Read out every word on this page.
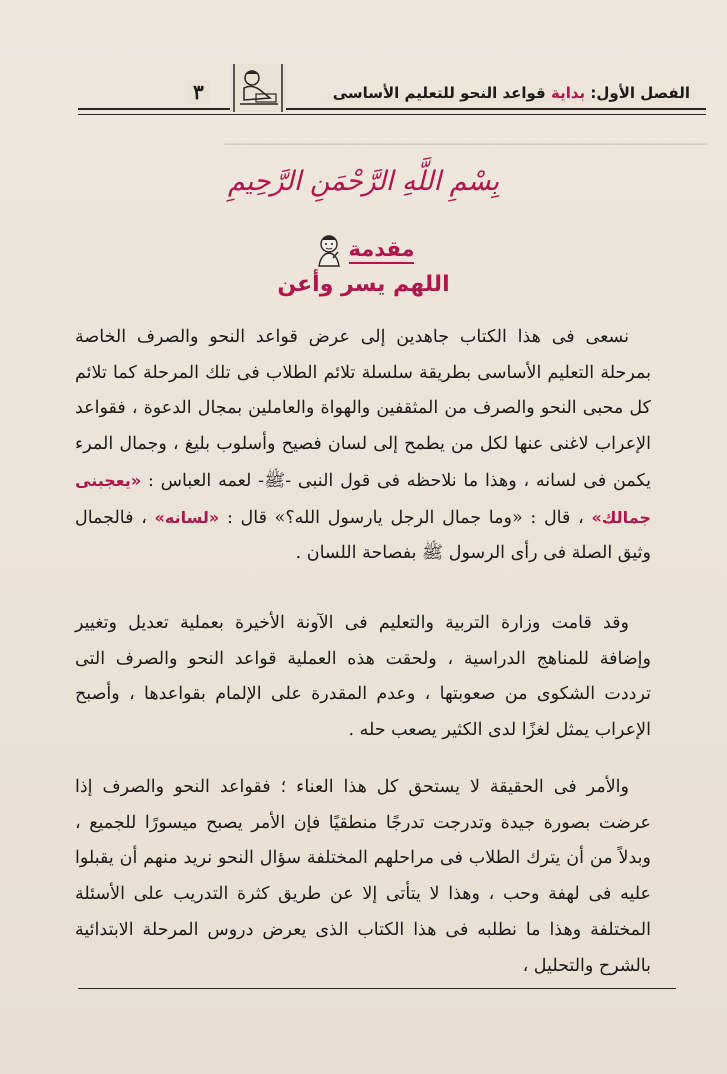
ـــــــــــــــــــــــــــــــــــــــــــــــــــــــــــــــــــــــــــــــــــــــــــــــــ
الفصل الأول: بداية قواعد النحو للتعليم الأساسى
٣
بِسْمِ اللَّهِ الرَّحْمَنِ الرَّحِيمِ
مقدمة
اللهم يسر وأعن
نسعى فى هذا الكتاب جاهدين إلى عرض قواعد النحو والصرف الخاصة بمرحلة التعليم الأساسى بطريقة سلسلة تلائم الطلاب فى تلك المرحلة كما تلائم كل محبى النحو والصرف من المثقفين والهواة والعاملين بمجال الدعوة ، فقواعد الإعراب لاغنى عنها لكل من يطمح إلى لسان فصيح وأسلوب بليغ ، وجمال المرء يكمن فى لسانه ، وهذا ما نلاحظه فى قول النبى -ﷺ- لعمه العباس : «يعجبنى جمالك» ، قال : «وما جمال الرجل يارسول الله؟» قال : «لسانه» ، فالجمال وثيق الصلة فى رأى الرسول ﷺ بفصاحة اللسان .
وقد قامت وزارة التربية والتعليم فى الآونة الأخيرة بعملية تعديل وتغيير وإضافة للمناهج الدراسية ، ولحقت هذه العملية قواعد النحو والصرف التى ترددت الشكوى من صعوبتها ، وعدم المقدرة على الإلمام بقواعدها ، وأصبح الإعراب يمثل لغزًا لدى الكثير يصعب حله .
والأمر فى الحقيقة لا يستحق كل هذا العناء ؛ فقواعد النحو والصرف إذا عرضت بصورة جيدة وتدرجت تدرجًا منطقيًا فإن الأمر يصبح ميسورًا للجميع ، وبدلاً من أن يترك الطلاب فى مراحلهم المختلفة سؤال النحو نريد منهم أن يقبلوا عليه فى لهفة وحب ، وهذا لا يتأتى إلا عن طريق كثرة التدريب على الأسئلة المختلفة وهذا ما نطلبه فى هذا الكتاب الذى يعرض دروس المرحلة الابتدائية بالشرح والتحليل ،
